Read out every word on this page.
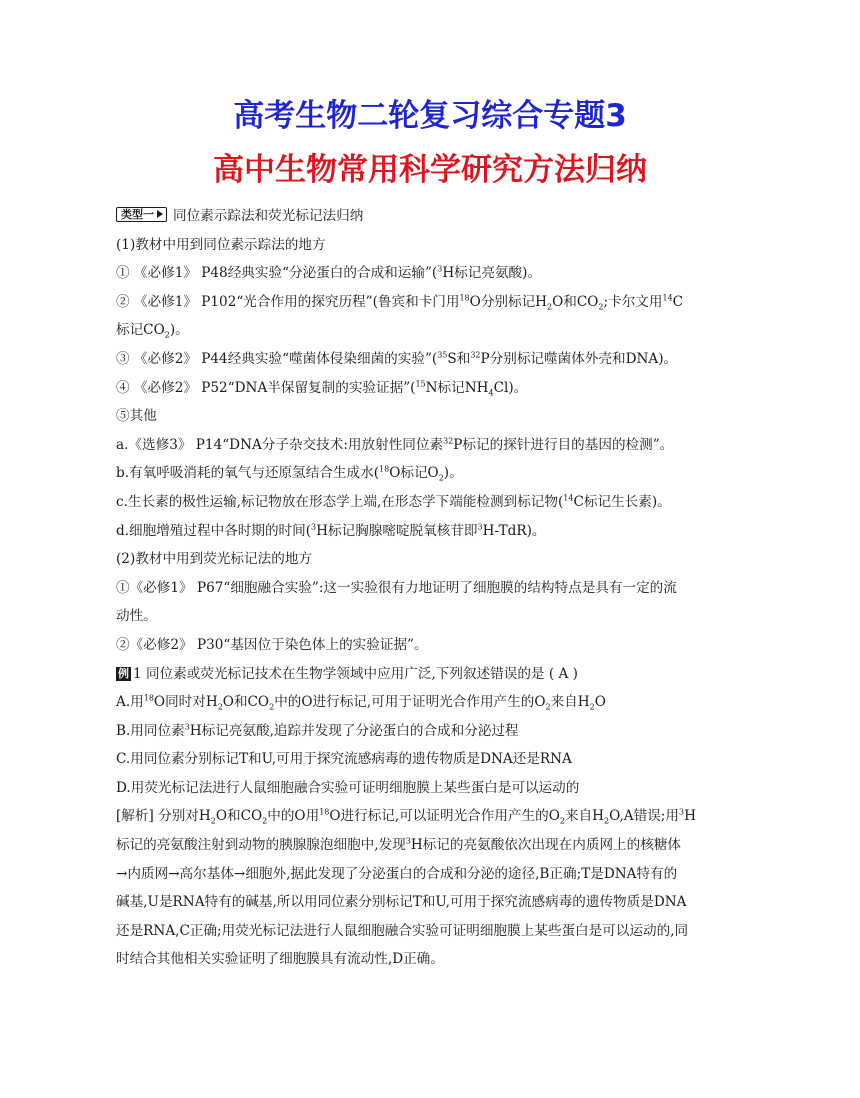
高考生物二轮复习综合专题3
高中生物常用科学研究方法归纳

类型一 同位素示踪法和荧光标记法归纳

(1)教材中用到同位素示踪法的地方

① 《必修1》 P48经典实验“分泌蛋白的合成和运输”($^3$H标记亮氨酸)。

② 《必修1》 P102“光合作用的探究历程”(鲁宾和卡门用$^{18}$O分别标记$H_2O$和$CO_2$;卡尔文用$^{14}$C

标记$CO_2$)。

③ 《必修2》 P44经典实验“噬菌体侵染细菌的实验”($^{35}$S和$^{32}$P分别标记噬菌体外壳和DNA)。

④ 《必修2》 P52“DNA半保留复制的实验证据”($^{15}$N标记$NH_4Cl$)。

⑤其他

a.《选修3》 P14“DNA分子杂交技术:用放射性同位素$^{32}$P标记的探针进行目的基因的检测”。

b.有氧呼吸消耗的氧气与还原氢结合生成水($^{18}$O标记$O_2$)。

c.生长素的极性运输,标记物放在形态学上端,在形态学下端能检测到标记物($^{14}$C标记生长素)。

d.细胞增殖过程中各时期的时间($^3$H标记胸腺嘧啶脱氧核苷即$^3$H-TdR)。

(2)教材中用到荧光标记法的地方

①《必修1》 P67“细胞融合实验”:这一实验很有力地证明了细胞膜的结构特点是具有一定的流

动性。

②《必修2》 P30“基因位于染色体上的实验证据”。

例 1 同位素或荧光标记技术在生物学领域中应用广泛,下列叙述错误的是 ( A )

A.用$^{18}$O同时对$H_2O$和$CO_2$中的O进行标记,可用于证明光合作用产生的$O_2$来自$H_2O$

B.用同位素$^3$H标记亮氨酸,追踪并发现了分泌蛋白的合成和分泌过程

C.用同位素分别标记T和U,可用于探究流感病毒的遗传物质是DNA还是RNA

D.用荧光标记法进行人鼠细胞融合实验可证明细胞膜上某些蛋白是可以运动的

[解析] 分别对$H_2O$和$CO_2$中的O用$^{18}$O进行标记,可以证明光合作用产生的$O_2$来自$H_2O,A$错误;用$^3$H

标记的亮氨酸注射到动物的胰腺腺泡细胞中,发现$^3$H标记的亮氨酸依次出现在内质网上的核糖体

→内质网→高尔基体→细胞外,据此发现了分泌蛋白的合成和分泌的途径,B正确;T是DNA特有的

碱基,U是RNA特有的碱基,所以用同位素分别标记T和U,可用于探究流感病毒的遗传物质是DNA

还是RNA,C正确;用荧光标记法进行人鼠细胞融合实验可证明细胞膜上某些蛋白是可以运动的,同

时结合其他相关实验证明了细胞膜具有流动性,D正确。
